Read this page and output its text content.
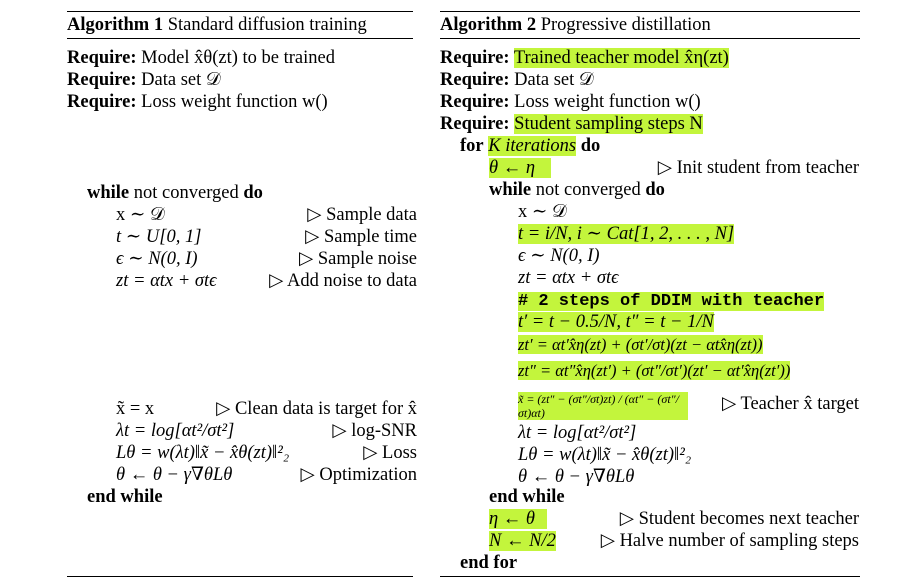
Algorithm 1 Standard diffusion training
Require: Model x̂θ(zt) to be trained
Require: Data set 𝒟
Require: Loss weight function w()
while not converged do
x ∼ 𝒟	▷ Sample data
t ∼ U[0, 1]	▷ Sample time
ϵ ∼ N(0, I)	▷ Sample noise
zt = αtx + σtϵ	▷ Add noise to data
x̃ = x	▷ Clean data is target for x̂
λt = log[αt²/σt²]	▷ log-SNR
Lθ = w(λt)‖x̃ − x̂θ(zt)‖²₂	▷ Loss
θ ← θ − γ∇θLθ	▷ Optimization
end while
Algorithm 2 Progressive distillation
Require: Trained teacher model x̂η(zt)
Require: Data set 𝒟
Require: Loss weight function w()
Require: Student sampling steps N
for K iterations do
θ ← η	▷ Init student from teacher
while not converged do
x ∼ 𝒟
t = i/N, i ∼ Cat[1, 2, . . . , N]
ϵ ∼ N(0, I)
zt = αtx + σtϵ
# 2 steps of DDIM with teacher
t′ = t − 0.5/N, t″ = t − 1/N
zt′ = αt′x̂η(zt) + (σt′/σt)(zt − αtx̂η(zt))
zt″ = αt″x̂η(zt′) + (σt″/σt′)(zt′ − αt′x̂η(zt′))
x̃ = (zt″ − (σt″/σt)zt) / (αt″ − (σt″/σt)αt)	▷ Teacher x̂ target
λt = log[αt²/σt²]
Lθ = w(λt)‖x̃ − x̂θ(zt)‖²₂
θ ← θ − γ∇θLθ
end while
η ← θ	▷ Student becomes next teacher
N ← N/2 ▷ Halve number of sampling steps
end for
